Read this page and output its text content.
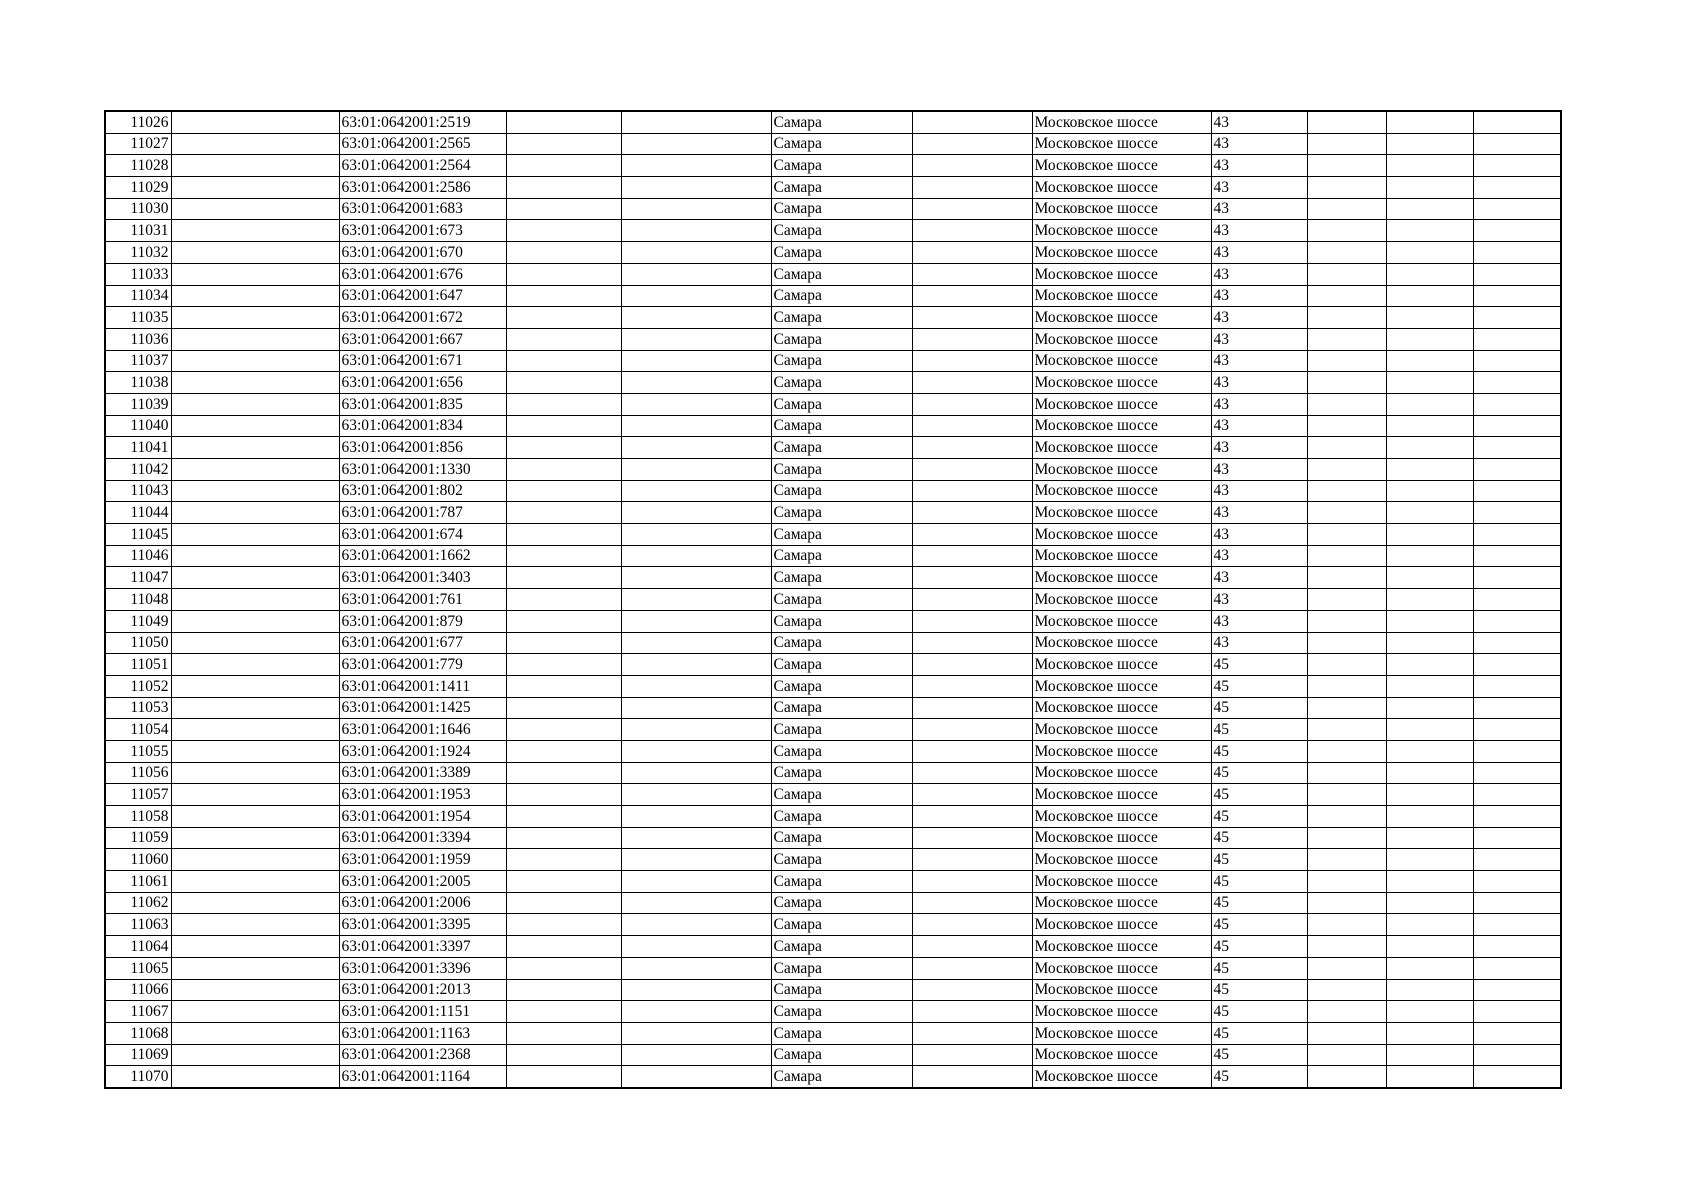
11026		63:01:0642001:2519			Самара		Московское шоссе	43			
11027		63:01:0642001:2565			Самара		Московское шоссе	43			
11028		63:01:0642001:2564			Самара		Московское шоссе	43			
11029		63:01:0642001:2586			Самара		Московское шоссе	43			
11030		63:01:0642001:683			Самара		Московское шоссе	43			
11031		63:01:0642001:673			Самара		Московское шоссе	43			
11032		63:01:0642001:670			Самара		Московское шоссе	43			
11033		63:01:0642001:676			Самара		Московское шоссе	43			
11034		63:01:0642001:647			Самара		Московское шоссе	43			
11035		63:01:0642001:672			Самара		Московское шоссе	43			
11036		63:01:0642001:667			Самара		Московское шоссе	43			
11037		63:01:0642001:671			Самара		Московское шоссе	43			
11038		63:01:0642001:656			Самара		Московское шоссе	43			
11039		63:01:0642001:835			Самара		Московское шоссе	43			
11040		63:01:0642001:834			Самара		Московское шоссе	43			
11041		63:01:0642001:856			Самара		Московское шоссе	43			
11042		63:01:0642001:1330			Самара		Московское шоссе	43			
11043		63:01:0642001:802			Самара		Московское шоссе	43			
11044		63:01:0642001:787			Самара		Московское шоссе	43			
11045		63:01:0642001:674			Самара		Московское шоссе	43			
11046		63:01:0642001:1662			Самара		Московское шоссе	43			
11047		63:01:0642001:3403			Самара		Московское шоссе	43			
11048		63:01:0642001:761			Самара		Московское шоссе	43			
11049		63:01:0642001:879			Самара		Московское шоссе	43			
11050		63:01:0642001:677			Самара		Московское шоссе	43			
11051		63:01:0642001:779			Самара		Московское шоссе	45			
11052		63:01:0642001:1411			Самара		Московское шоссе	45			
11053		63:01:0642001:1425			Самара		Московское шоссе	45			
11054		63:01:0642001:1646			Самара		Московское шоссе	45			
11055		63:01:0642001:1924			Самара		Московское шоссе	45			
11056		63:01:0642001:3389			Самара		Московское шоссе	45			
11057		63:01:0642001:1953			Самара		Московское шоссе	45			
11058		63:01:0642001:1954			Самара		Московское шоссе	45			
11059		63:01:0642001:3394			Самара		Московское шоссе	45			
11060		63:01:0642001:1959			Самара		Московское шоссе	45			
11061		63:01:0642001:2005			Самара		Московское шоссе	45			
11062		63:01:0642001:2006			Самара		Московское шоссе	45			
11063		63:01:0642001:3395			Самара		Московское шоссе	45			
11064		63:01:0642001:3397			Самара		Московское шоссе	45			
11065		63:01:0642001:3396			Самара		Московское шоссе	45			
11066		63:01:0642001:2013			Самара		Московское шоссе	45			
11067		63:01:0642001:1151			Самара		Московское шоссе	45			
11068		63:01:0642001:1163			Самара		Московское шоссе	45			
11069		63:01:0642001:2368			Самара		Московское шоссе	45			
11070		63:01:0642001:1164			Самара		Московское шоссе	45			
